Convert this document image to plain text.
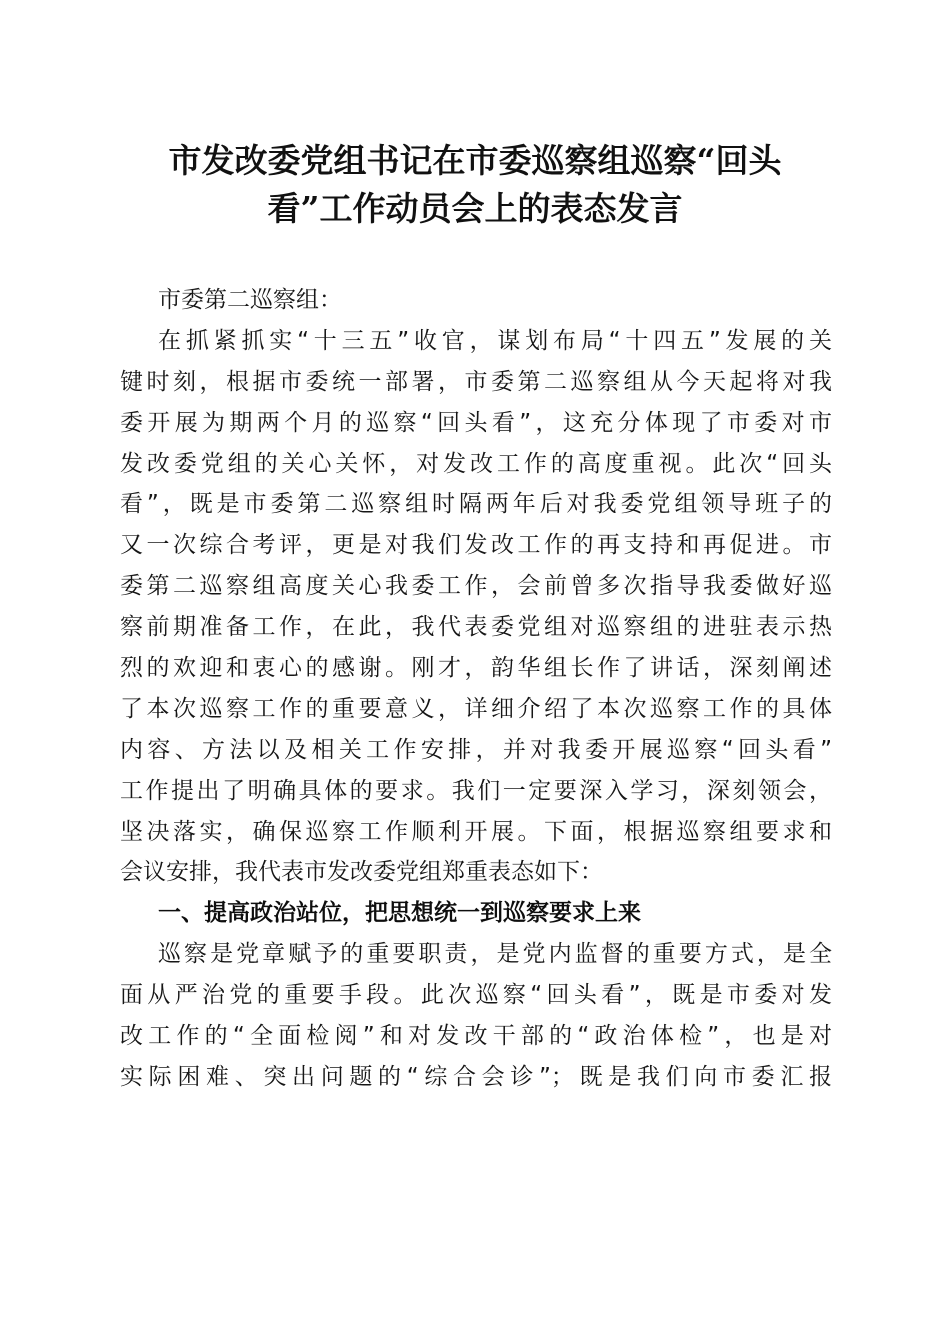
市发改委党组书记在市委巡察组巡察“回头
看”工作动员会上的表态发言
市委第二巡察组：
在抓紧抓实“十三五”收官，谋划布局“十四五”发展的关
键时刻，根据市委统一部署，市委第二巡察组从今天起将对我
委开展为期两个月的巡察“回头看”，这充分体现了市委对市
发改委党组的关心关怀，对发改工作的高度重视。此次“回头
看”，既是市委第二巡察组时隔两年后对我委党组领导班子的
又一次综合考评，更是对我们发改工作的再支持和再促进。市
委第二巡察组高度关心我委工作，会前曾多次指导我委做好巡
察前期准备工作，在此，我代表委党组对巡察组的进驻表示热
烈的欢迎和衷心的感谢。刚才，韵华组长作了讲话，深刻阐述
了本次巡察工作的重要意义，详细介绍了本次巡察工作的具体
内容、方法以及相关工作安排，并对我委开展巡察“回头看”
工作提出了明确具体的要求。我们一定要深入学习，深刻领会，
坚决落实，确保巡察工作顺利开展。下面，根据巡察组要求和
会议安排，我代表市发改委党组郑重表态如下：
一、提高政治站位，把思想统一到巡察要求上来
巡察是党章赋予的重要职责，是党内监督的重要方式，是全
面从严治党的重要手段。此次巡察“回头看”，既是市委对发
改工作的“全面检阅”和对发改干部的“政治体检”，也是对
实际困难、突出问题的“综合会诊”；既是我们向市委汇报
